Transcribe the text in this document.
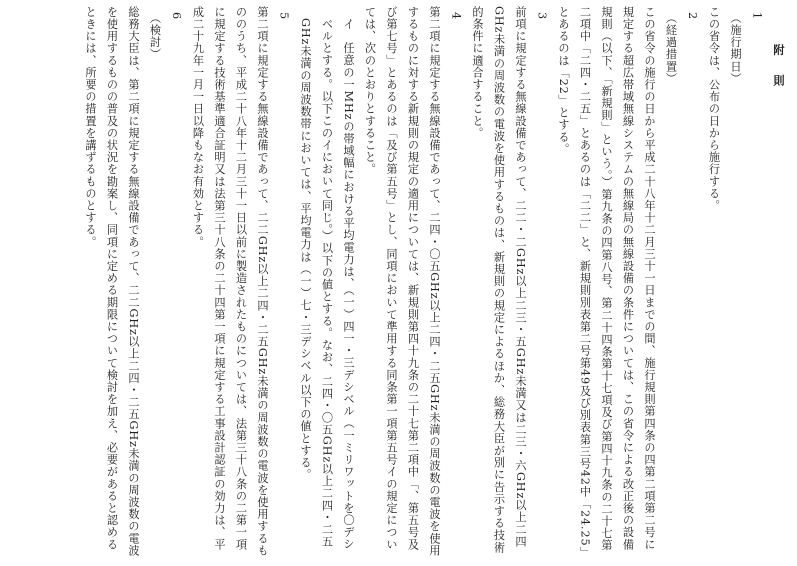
附　則

1

（施行期日）

この省令は、公布の日から施行する。

2

（経過措置）

この省令の施行の日から平成二十八年十二月三十一日までの間、施行規則第四条の四第二項第二号に規定する超広帯域無線システムの無線局の無線設備の条件については、この省令による改正後の設備規則（以下、「新規則」という。）第九条の四第八号、第二十四条第十七項及び第四十九条の二十七第二項中「二四・二五」とあるのは「二二」と、新規則別表第二号第49及び別表第三号42中「24.25」とあるのは「22」とする。

3

前項に規定する無線設備であって、二二・二GHz以上二三・五GHz未満又は二三・六GHz以上二四GHz未満の周波数の電波を使用するものは、新規則の規定によるほか、総務大臣が別に告示する技術的条件に適合すること。

4

第二項に規定する無線設備であって、二四・〇五GHz以上二四・二五GHz未満の周波数の電波を使用するものに対する新規則の規定の適用については、新規則第四十九条の二十七第二項中「、第五号及び第七号」とあるのは「及び第五号」とし、同項において準用する同条第一項第五号イの規定については、次のとおりとすること。

イ　任意の一MHzの帯域幅における平均電力は、（一）四一・三デシベル（一ミリワットを〇デシベルとする。以下このイにおいて同じ。）以下の値とする。なお、二四・〇五GHz以上二四・二五GHz未満の周波数帯においては、平均電力は（一）七・三デシベル以下の値とする。

5

第二項に規定する無線設備であって、二二GHz以上二四・二五GHz未満の周波数の電波を使用するもののうち、平成二十八年十二月三十一日以前に製造されたものについては、法第三十八条の二第一項に規定する技術基準適合証明又は法第三十八条の二十四第一項に規定する工事設計認証の効力は、平成二十九年一月一日以降もなお有効とする。

6

（検討）

総務大臣は、第二項に規定する無線設備であって、二二GHz以上二四・二五GHz未満の周波数の電波を使用するものの普及の状況を勘案し、同項に定める期限について検討を加え、必要があると認めるときには、所要の措置を講ずるものとする。
